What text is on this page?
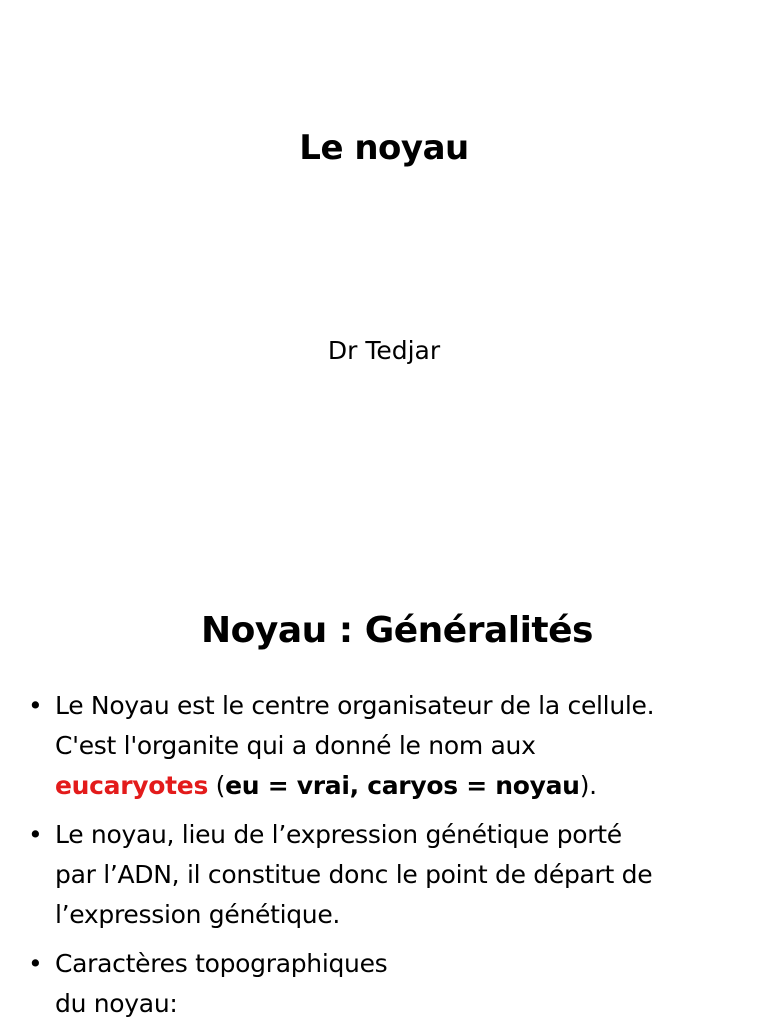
Le noyau
Dr Tedjar
Noyau : Généralités
• Le Noyau est le centre organisateur de la cellule.
C'est l'organite qui a donné le nom aux
eucaryotes (eu = vrai, caryos = noyau).
• Le noyau, lieu de l’expression génétique porté
par l’ADN, il constitue donc le point de départ de
l’expression génétique.
• Caractères topographiques
du noyau:
